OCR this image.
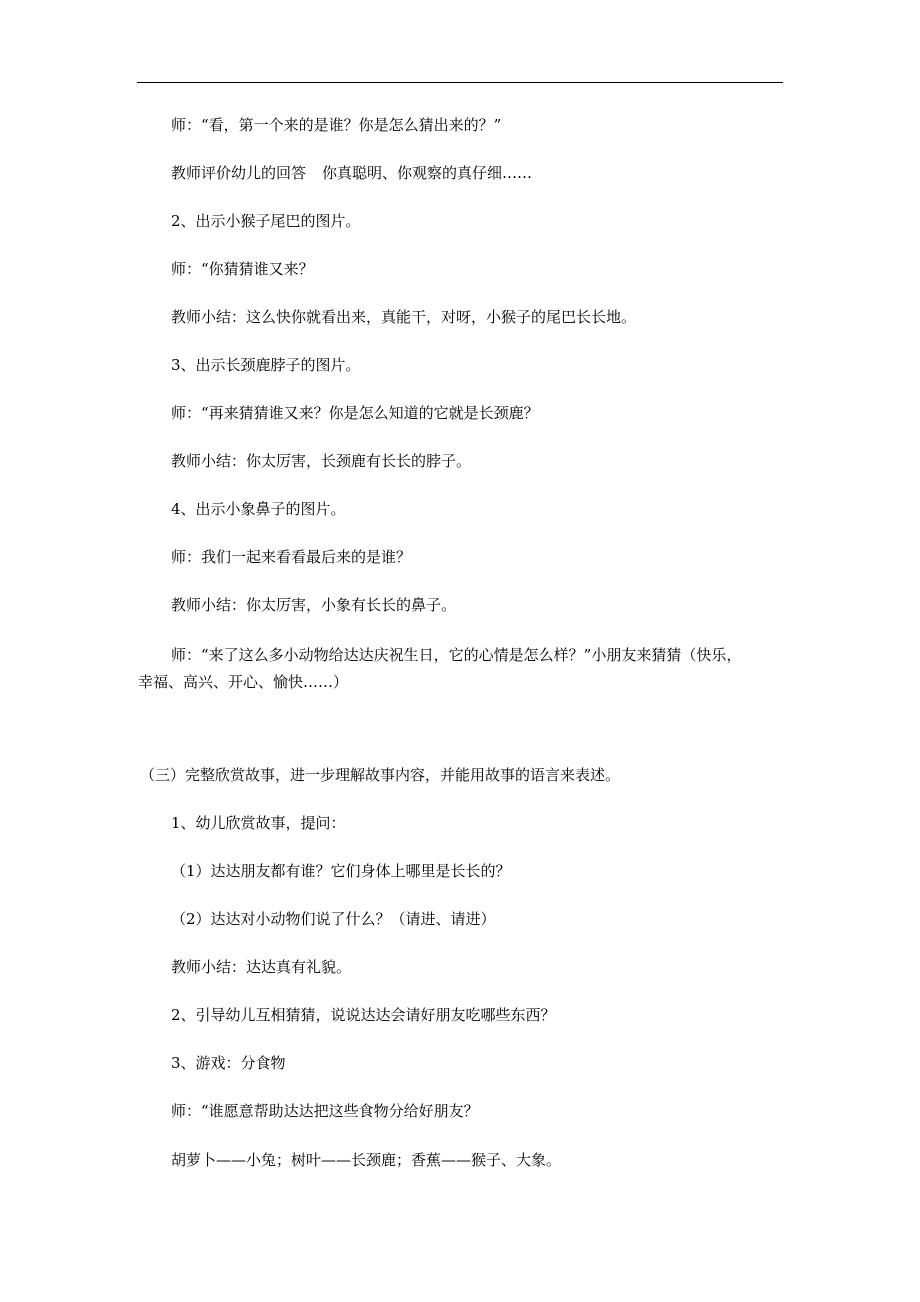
师：“看，第一个来的是谁？你是怎么猜出来的？”
教师评价幼儿的回答 你真聪明、你观察的真仔细……
2、出示小猴子尾巴的图片。
师：“你猜猜谁又来？
教师小结：这么快你就看出来，真能干，对呀，小猴子的尾巴长长地。
3、出示长颈鹿脖子的图片。
师：“再来猜猜谁又来？你是怎么知道的它就是长颈鹿？
教师小结：你太厉害，长颈鹿有长长的脖子。
4、出示小象鼻子的图片。
师：我们一起来看看最后来的是谁？
教师小结：你太厉害，小象有长长的鼻子。
师：“来了这么多小动物给达达庆祝生日，它的心情是怎么样？”小朋友来猜猜（快乐，
幸福、高兴、开心、愉快……）
（三）完整欣赏故事，进一步理解故事内容，并能用故事的语言来表述。
1、幼儿欣赏故事，提问：
（1）达达朋友都有谁？它们身体上哪里是长长的？
（2）达达对小动物们说了什么？（请进、请进）
教师小结：达达真有礼貌。
2、引导幼儿互相猜猜，说说达达会请好朋友吃哪些东西？
3、游戏：分食物
师：“谁愿意帮助达达把这些食物分给好朋友？
胡萝卜——小兔；树叶——长颈鹿；香蕉——猴子、大象。
